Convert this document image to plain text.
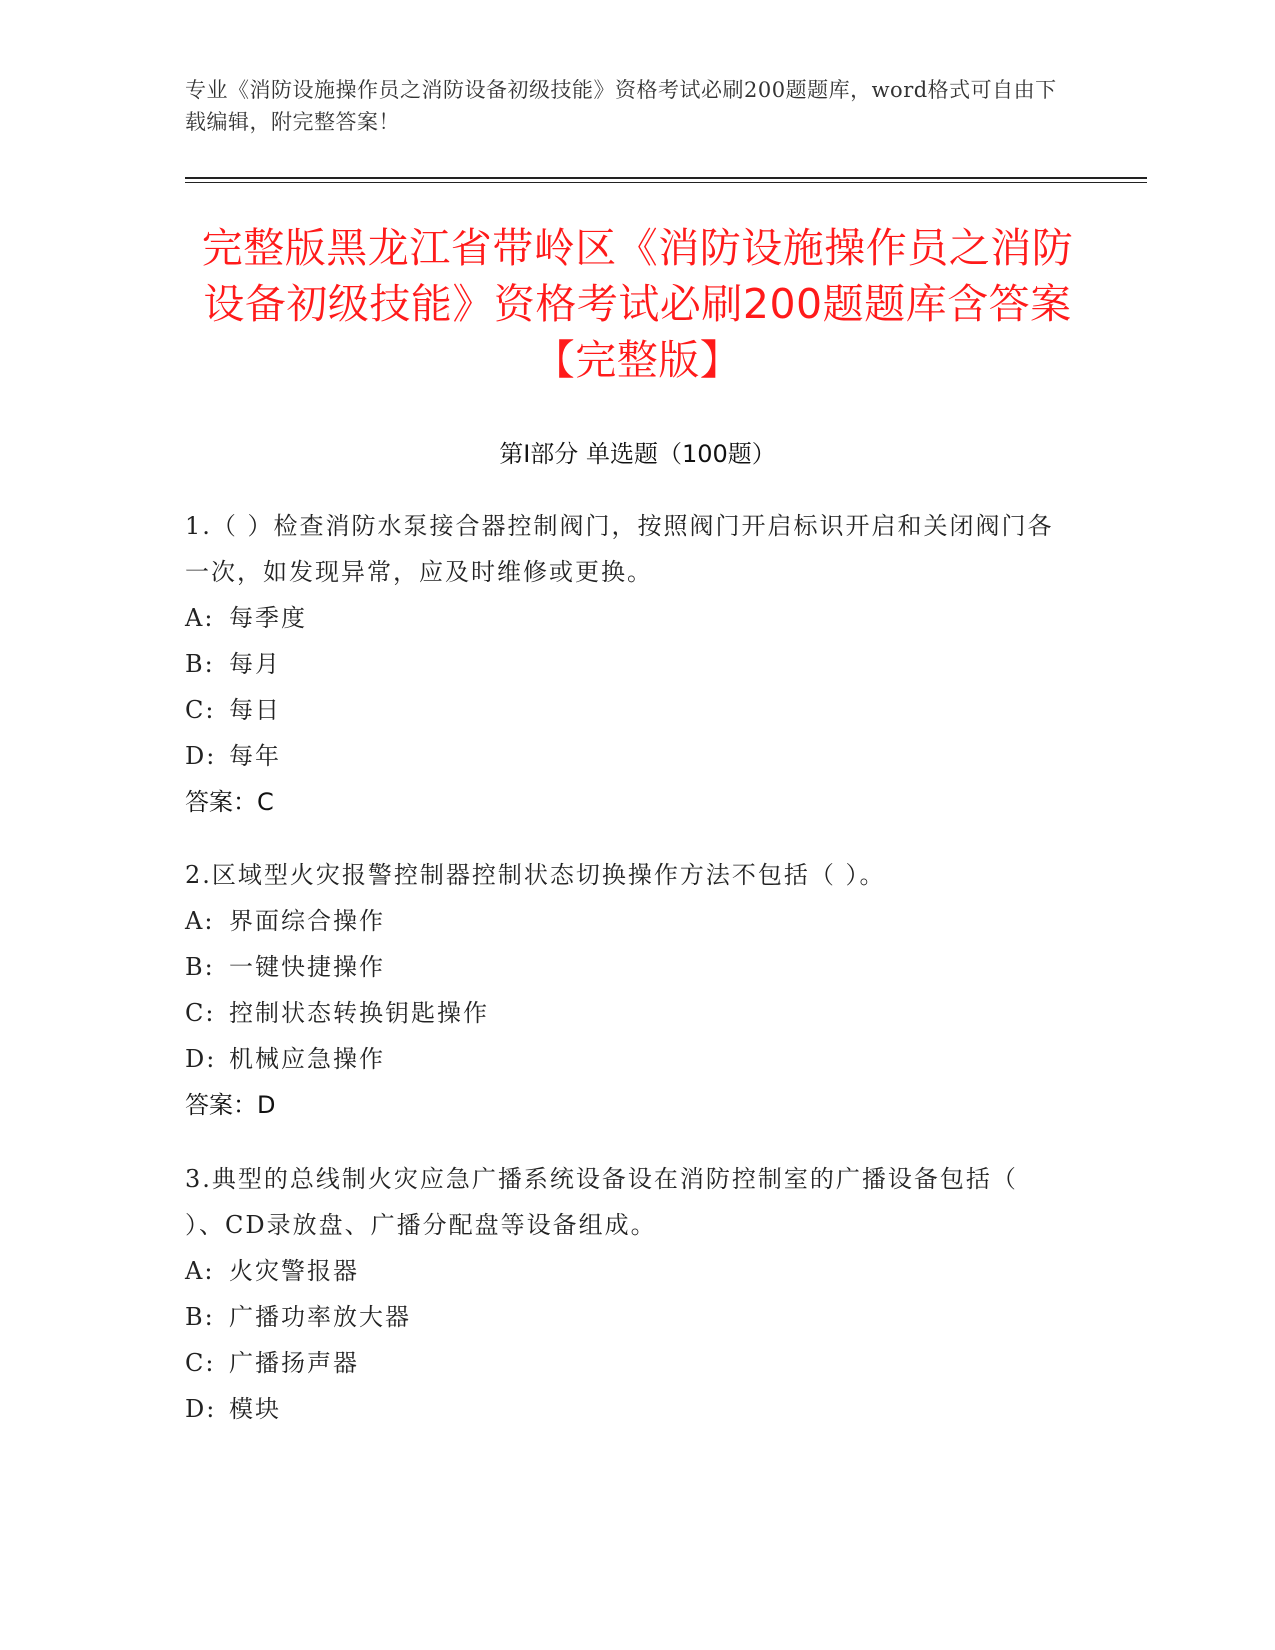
专业《消防设施操作员之消防设备初级技能》资格考试必刷200题题库，word格式可自由下载编辑，附完整答案！
完整版黑龙江省带岭区《消防设施操作员之消防设备初级技能》资格考试必刷200题题库含答案【完整版】
第I部分 单选题（100题）
1.（ ）检查消防水泵接合器控制阀门，按照阀门开启标识开启和关闭阀门各一次，如发现异常，应及时维修或更换。
A: 每季度
B: 每月
C: 每日
D: 每年
答案：C
2.区域型火灾报警控制器控制状态切换操作方法不包括（ ）。
A: 界面综合操作
B: 一键快捷操作
C: 控制状态转换钥匙操作
D: 机械应急操作
答案：D
3.典型的总线制火灾应急广播系统设备设在消防控制室的广播设备包括（ ）、CD录放盘、广播分配盘等设备组成。
A: 火灾警报器
B: 广播功率放大器
C: 广播扬声器
D: 模块
